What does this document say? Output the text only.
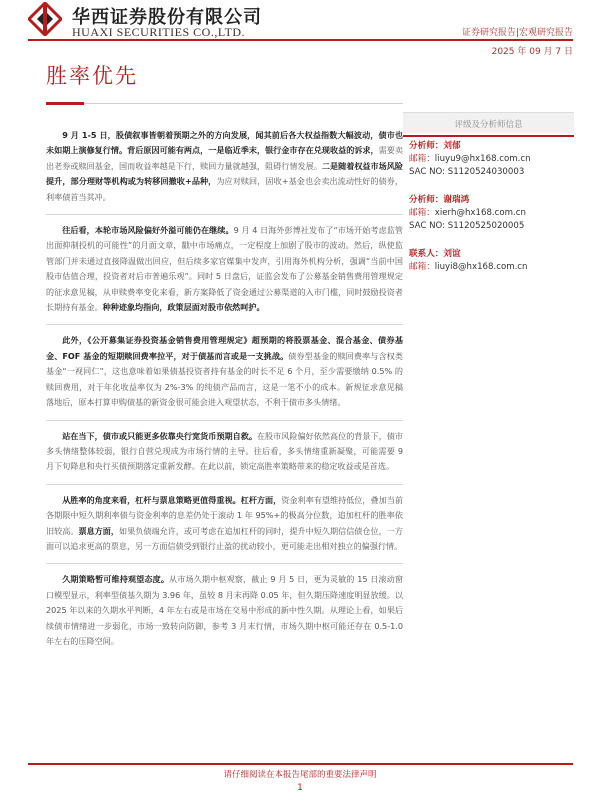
华西证券股份有限公司
HUAXI SECURITIES CO.,LTD.	证券研究报告|宏观研究报告
2025 年 09 月 7 日
胜率优先

9 月 1-5 日，股债叙事皆朝着预期之外的方向发展，闻其前后各大权益指数大幅波动，债市也未如期上演修复行情。背后原因可能有两点，一是临近季末，银行金市存在兑现收益的诉求，需要卖出老券或赎回基金，国而收益率越是下行，赎回力量就越强，阻碍行情发展。二是随着权益市场风险提升，部分理财等机构或为转移回撤收+品种，为应对赎回，固收+基金也会卖出流动性好的债券，利率债首当其冲。

往后看，本轮市场风险偏好外溢可能仍在继续。9 月 4 日海外彭博社发布了“市场开始考虑监管出面抑制投机的可能性”的月面文章，戳中市场痛点，一定程度上加剧了股市的波动。然后，纵使监管部门并未通过直接降温做出回应，但后续多家官媒集中发声，引用海外机构分析，强调“当前中国股市估值合理，投资者对后市普遍乐观”。同时 5 日盘后，证监会发布了公募基金销售费用管理规定的征求意见稿，从申赎费率变化来看，新方案降低了资金通过公募渠道的入市门槛，同时鼓励投资者长期持有基金。种种迹象均指向，政策层面对股市依然呵护。

此外，《公开募集证券投资基金销售费用管理规定》超预期的将股票基金、混合基金、债券基金、FOF 基金的短期赎回费率拉平，对于债基而言或是一支挑战。债券型基金的赎回费率与含权类基金“一视同仁”，这也意味着如果债基投资者持有基金的时长不足 6 个月，至少需要缴纳 0.5% 的赎回费用，对于年化收益率仅为 2%-3% 的纯债产品而言，这是一笔不小的成本。新规征求意见稿落地后，原本打算申购债基的新资金很可能会进入观望状态，不利于债市多头情绪。

站在当下，债市或只能更多依靠央行宽货币预期自救。在股市风险偏好依然高位的背景下，债市多头情绪整体较弱，银行自营兑现成为市场行情的主导。往后看，多头情绪重新凝聚，可能需要 9 月下旬降息和央行买债预期落定重新发酵。在此以前，锁定高胜率策略带来的稳定收益或是首选。

从胜率的角度来看，杠杆与票息策略更值得重视。杠杆方面，资金利率有望维持低位，叠加当前各期限中短久期利率债与资金利率的息差仍处于滚动 1 年 95%+的极高分位数，追加杠杆的胜率依旧较高。票息方面，如果负债端允许，或可考虑在追加杠杆的同时，提升中短久期信信债仓位，一方面可以追求更高的票息，另一方面信债受到银行止盈的扰动较小，更可能走出相对独立的偏强行情。

久期策略暂可维持观望态度。从市场久期中枢观察，截止 9 月 5 日，更为灵敏的 15 日滚动窗口模型显示，利率型债基久期为 3.96 年，虽较 8 月末再降 0.05 年，但久期压降速度明显放缓。以 2025 年以来的久期水平判断，4 年左右或是市场在交易中形成的新中性久期。从理论上看，如果后续债市情绪进一步弱化，市场一致转向防御，参考 3 月末行情，市场久期中枢可能还存在 0.5-1.0 年左右的压降空间。

评级及分析师信息
分析师：刘郁
邮箱：liuyu9@hx168.com.cn
SAC NO: S1120524030003
分析师：谢瑞鸿
邮箱：xierh@hx168.com.cn
SAC NO: S1120525020005
联系人：刘谊
邮箱：liuyi8@hx168.com.cn
请仔细阅读在本报告尾部的重要法律声明
1
